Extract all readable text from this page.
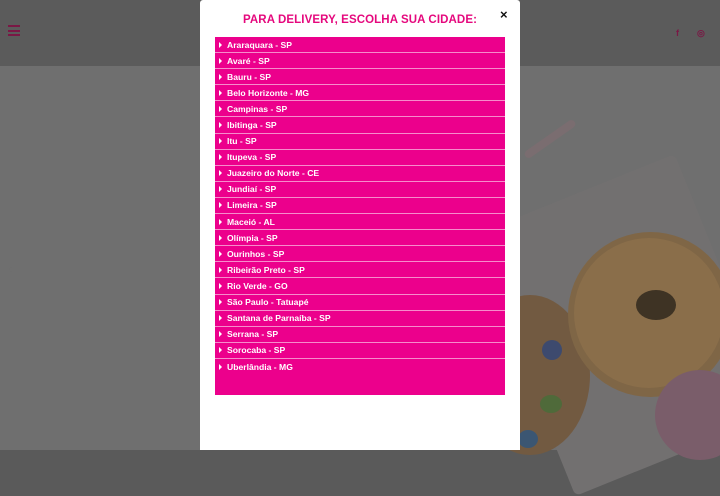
f ◎
‹
PARA DELIVERY, ESCOLHA SUA CIDADE:	×
Araraquara - SP
Avaré - SP
Bauru - SP
Belo Horizonte - MG
Campinas - SP
Ibitinga - SP
Itu - SP
Itupeva - SP
Juazeiro do Norte - CE
Jundiaí - SP
Limeira - SP
Maceió - AL
Olímpia - SP
Ourinhos - SP
Ribeirão Preto - SP
Rio Verde - GO
São Paulo - Tatuapé
Santana de Parnaíba - SP
Serrana - SP
Sorocaba - SP
Uberlândia - MG
